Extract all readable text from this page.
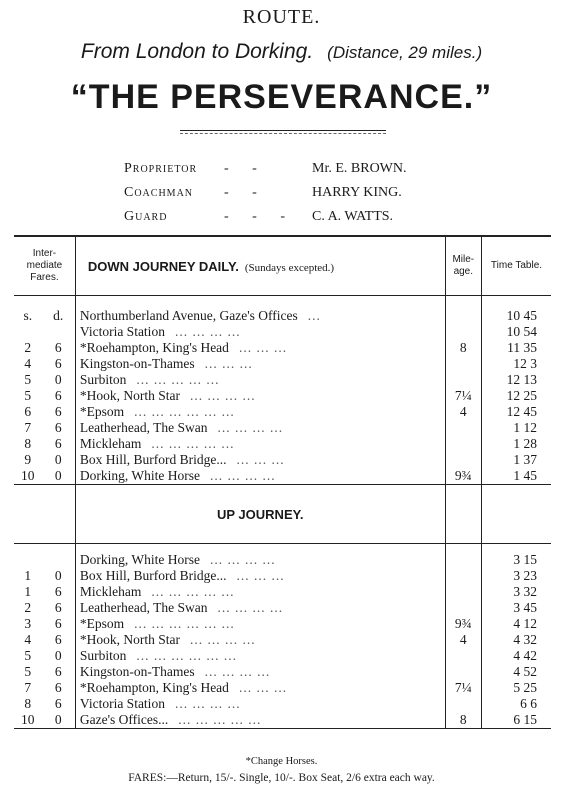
ROUTE.
From London to Dorking. (Distance, 29 miles.)
“THE PERSEVERANCE.”
Proprietor - -	Mr. E. BROWN.
Coachman - -	HARRY KING.
Guard	- - - C. A. WATTS.
Inter- mediate Fares.		DOWN JOURNEY DAILY. (Sundays excepted.)	Mile- age.	Time Table.

s.	d.	Northumberland Avenue, Gaze's Offices ...		10 45
		Victoria Station ... ... ... ...		10 54
2	6	*Roehampton, King's Head ... ... ...	8	11 35
4	6	Kingston-on-Thames ... ... ...		12 3
5	0	Surbiton ... ... ... ... ...		12 13
5	6	*Hook, North Star ... ... ... ...	7¼	12 25
6	6	*Epsom ... ... ... ... ... ...	4	12 45
7	6	Leatherhead, The Swan ... ... ... ...		1 12
8	6	Mickleham ... ... ... ... ...		1 28
9	0	Box Hill, Burford Bridge... ... ... ...		1 37
10	0	Dorking, White Horse ... ... ... ...	9¾	1 45
		UP JOURNEY.		

		Dorking, White Horse ... ... ... ...		3 15
1	0	Box Hill, Burford Bridge... ... ... ...		3 23
1	6	Mickleham ... ... ... ... ...		3 32
2	6	Leatherhead, The Swan ... ... ... ...		3 45
3	6	*Epsom ... ... ... ... ... ...	9¾	4 12
4	6	*Hook, North Star ... ... ... ...	4	4 32
5	0	Surbiton ... ... ... ... ... ...		4 42
5	6	Kingston-on-Thames ... ... ... ...		4 52
7	6	*Roehampton, King's Head ... ... ...	7¼	5 25
8	6	Victoria Station ... ... ... ...		6 6
10	0	Gaze's Offices... ... ... ... ... ...	8	6 15
*Change Horses.
FARES:—Return, 15/-. Single, 10/-. Box Seat, 2/6 extra each way.
